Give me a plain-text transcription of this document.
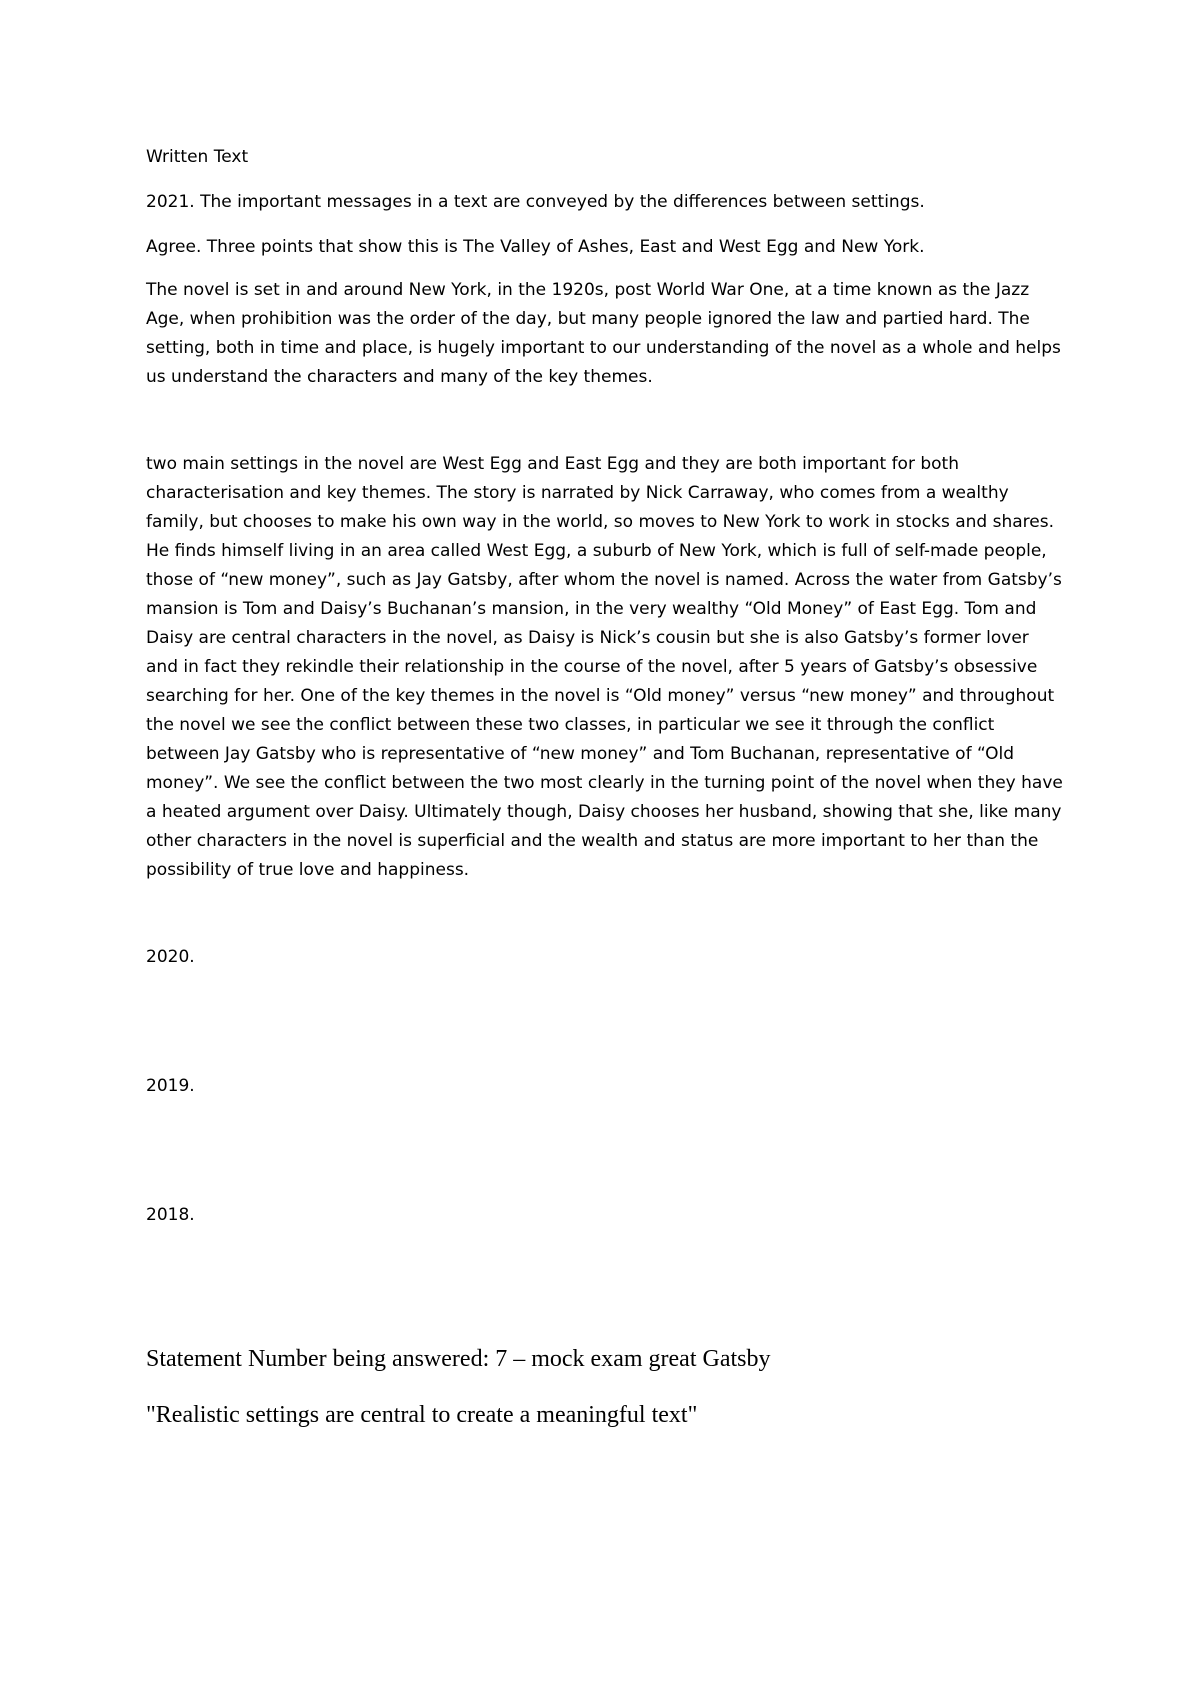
Written Text

2021. The important messages in a text are conveyed by the differences between settings.

Agree. Three points that show this is The Valley of Ashes, East and West Egg and New York.

The novel is set in and around New York, in the 1920s, post World War One, at a time known as the Jazz Age, when prohibition was the order of the day, but many people ignored the law and partied hard. The setting, both in time and place, is hugely important to our understanding of the novel as a whole and helps us understand the characters and many of the key themes.

two main settings in the novel are West Egg and East Egg and they are both important for both characterisation and key themes. The story is narrated by Nick Carraway, who comes from a wealthy family, but chooses to make his own way in the world, so moves to New York to work in stocks and shares. He finds himself living in an area called West Egg, a suburb of New York, which is full of self-made people, those of “new money”, such as Jay Gatsby, after whom the novel is named. Across the water from Gatsby’s mansion is Tom and Daisy’s Buchanan’s mansion, in the very wealthy “Old Money” of East Egg. Tom and Daisy are central characters in the novel, as Daisy is Nick’s cousin but she is also Gatsby’s former lover and in fact they rekindle their relationship in the course of the novel, after 5 years of Gatsby’s obsessive searching for her. One of the key themes in the novel is “Old money” versus “new money” and throughout the novel we see the conflict between these two classes, in particular we see it through the conflict between Jay Gatsby who is representative of “new money” and Tom Buchanan, representative of “Old money”. We see the conflict between the two most clearly in the turning point of the novel when they have a heated argument over Daisy. Ultimately though, Daisy chooses her husband, showing that she, like many other characters in the novel is superficial and the wealth and status are more important to her than the possibility of true love and happiness.

2020.

2019.

2018.

Statement Number being answered: 7 – mock exam great Gatsby

"Realistic settings are central to create a meaningful text"
